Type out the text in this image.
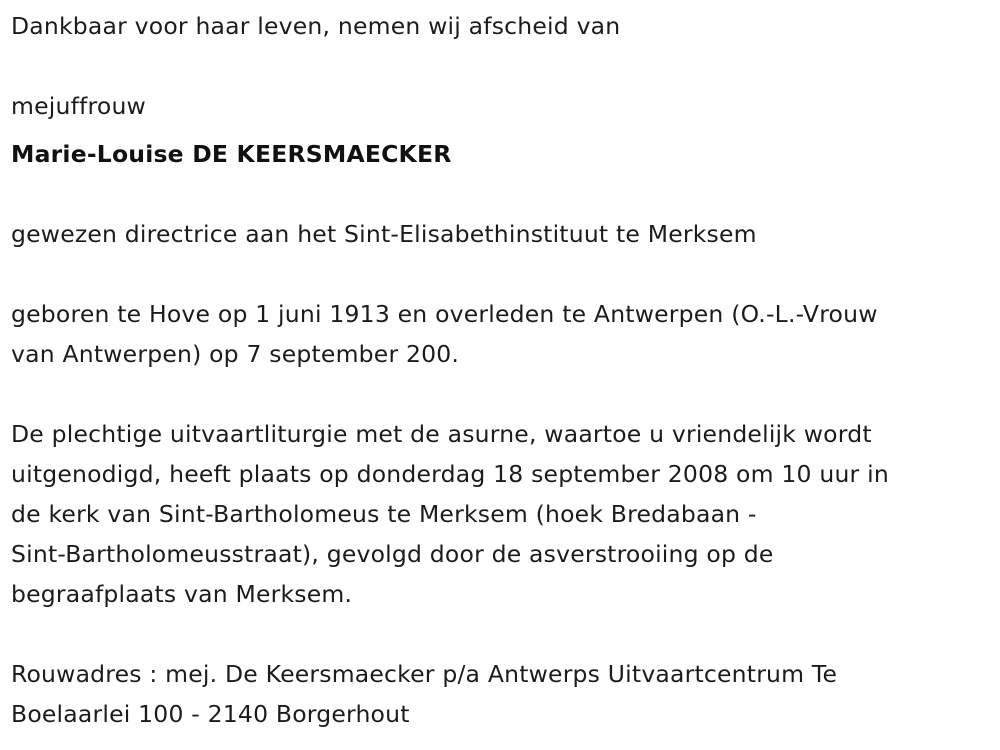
Dankbaar voor haar leven, nemen wij afscheid van

mejuffrouw

Marie-Louise DE KEERSMAECKER

gewezen directrice aan het Sint-Elisabethinstituut te Merksem

geboren te Hove op 1 juni 1913 en overleden te Antwerpen (O.-L.-Vrouw
van Antwerpen) op 7 september 200.

De plechtige uitvaartliturgie met de asurne, waartoe u vriendelijk wordt
uitgenodigd, heeft plaats op donderdag 18 september 2008 om 10 uur in
de kerk van Sint-Bartholomeus te Merksem (hoek Bredabaan -
Sint-Bartholomeusstraat), gevolgd door de asverstrooiing op de
begraafplaats van Merksem.

Rouwadres : mej. De Keersmaecker p/a Antwerps Uitvaartcentrum Te
Boelaarlei 100 - 2140 Borgerhout
